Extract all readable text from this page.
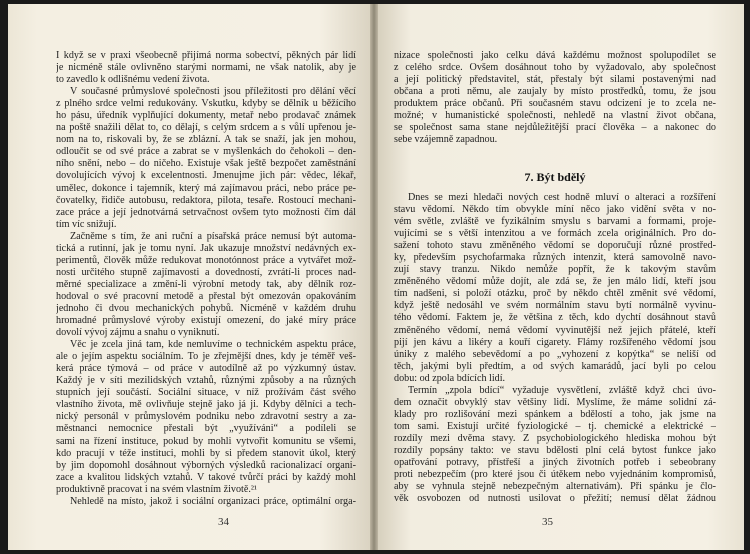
I když se v praxi všeobecně přijímá norma sobectví, pěkných pár lidí
je nicméně stále ovlivněno starými normami, ne však natolik, aby je
to zavedlo k odlišnému vedení života.
V současné průmyslové společnosti jsou příležitosti pro dělání věcí
z plného srdce velmi redukovány. Vskutku, kdyby se dělník u běžícího
ho pásu, úředník vyplňující dokumenty, metař nebo prodavač známek
na poště snažili dělat to, co dělají, s celým srdcem a s vůlí upřenou je-
nom na to, riskovali by, že se zblázní. A tak se snaží, jak jen mohou,
odloučit se od své práce a zabrat se v myšlenkách do čehokoli – den-
ního snění, nebo – do ničeho. Existuje však ještě bezpočet zaměstnání
dovolujících vývoj k excelentnosti. Jmenujme jich pár: vědec, lékař,
umělec, dokonce i tajemník, který má zajímavou práci, nebo práce pe-
čovatelky, řidiče autobusu, redaktora, pilota, tesaře. Rostoucí mechani-
zace práce a její jednotvárná setrvačnost ovšem tyto možnosti čím dál
tím víc snižují.
Začněme s tím, že ani ruční a písařská práce nemusí být automa-
tická a rutinní, jak je tomu nyní. Jak ukazuje množství nedávných ex-
perimentů, člověk může redukovat monotónnost práce a vytvářet mož-
nosti určitého stupně zajímavosti a dovedností, zvrátí-li proces nad-
měrné specializace a změní-li výrobní metody tak, aby dělník roz-
hodoval o své pracovní metodě a přestal být omezován opakováním
jednoho či dvou mechanických pohybů. Nicméně v každém druhu
hromadné průmyslové výroby existují omezení, do jaké míry práce
dovolí vývoj zájmu a snahu o vyniknutí.
Věc je zcela jiná tam, kde nemluvíme o technickém aspektu práce,
ale o jejím aspektu sociálním. To je zřejmější dnes, kdy je téměř veš-
kerá práce týmová – od práce v autodílně až po výzkumný ústav.
Každý je v síti mezilidských vztahů, různými způsoby a na různých
stupních její součástí. Sociální situace, v níž prožívám část svého
vlastního života, mě ovlivňuje stejně jako já ji. Kdyby dělníci a tech-
nický personál v průmyslovém podniku nebo zdravotní sestry a za-
městnanci nemocnice přestali být „využíváni“ a podíleli se
sami na řízení instituce, pokud by mohli vytvořit komunitu se všemi,
kdo pracují v téže instituci, mohli by si předem stanovit úkol, který
by jim dopomohl dosáhnout výborných výsledků racionalizací organi-
zace a kvalitou lidských vztahů. V takové tvůrčí práci by každý mohl
produktivně pracovat i na svém vlastním životě.²¹
Nehledě na místo, jakož i sociální organizaci práce, optimální orga-
34
nizace společnosti jako celku dává každému možnost spolupodílet se
z celého srdce. Ovšem dosáhnout toho by vyžadovalo, aby společnost
a její politický představitel, stát, přestaly být silami postavenými nad
občana a proti němu, ale zaujaly by místo prostředků, tomu, že jsou
produktem práce občanů. Při současném stavu odcizení je to zcela ne-
možné; v humanistické společnosti, nehledě na vlastní život občana,
se společnost sama stane nejdůležitější prací člověka – a nakonec do
sebe vzájemně zapadnou.
7. Být bdělý
Dnes se mezi hledači nových cest hodně mluví o alteraci a rozšíření
stavu vědomí. Někdo tím obvykle míní něco jako vidění světa v no-
vém světle, zvláště ve fyzikálním smyslu s barvami a formami, proje-
vujícími se s větší intenzitou a ve formách zcela originálních. Pro do-
sažení tohoto stavu změněného vědomí se doporučují různé prostřed-
ky, především psychofarmaka různých intenzit, která samovolně navo-
zují stavy tranzu. Nikdo nemůže popřít, že k takovým stavům
změněného vědomí může dojít, ale zdá se, že jen málo lidí, kteří jsou
tím nadšeni, si položí otázku, proč by někdo chtěl změnit své vědomí,
když ještě nedosáhl ve svém normálním stavu bytí normálně vyvinu-
tého vědomí. Faktem je, že většina z těch, kdo dychtí dosáhnout stavů
změněného vědomí, nemá vědomí vyvinutější než jejich přátelé, kteří
pijí jen kávu a likéry a kouří cigarety. Flámy rozšířeného vědomí jsou
úniky z malého sebevědomí a po „vyhození z kopýtka“ se neliší od
těch, jakými byli předtím, a od svých kamarádů, jací byli po celou
dobu: od zpola bdících lidí.
Termín „zpola bdící“ vyžaduje vysvětlení, zvláště když chci úvo-
dem označit obvyklý stav většiny lidí. Myslíme, že máme solidní zá-
klady pro rozlišování mezi spánkem a bdělostí a toho, jak jsme na
tom sami. Existují určité fyziologické – tj. chemické a elektrické –
rozdíly mezi dvěma stavy. Z psychobiologického hlediska mohou být
rozdíly popsány takto: ve stavu bdělosti plní celá bytost funkce jako
opatřování potravy, přístřeší a jiných životních potřeb i sebeobrany
proti nebezpečím (pro které jsou či útěkem nebo vyjednáním kompromisů,
aby se vyhnula stejně nebezpečným alternativám). Při spánku je člo-
věk osvobozen od nutnosti usilovat o přežití; nemusí dělat žádnou
35
